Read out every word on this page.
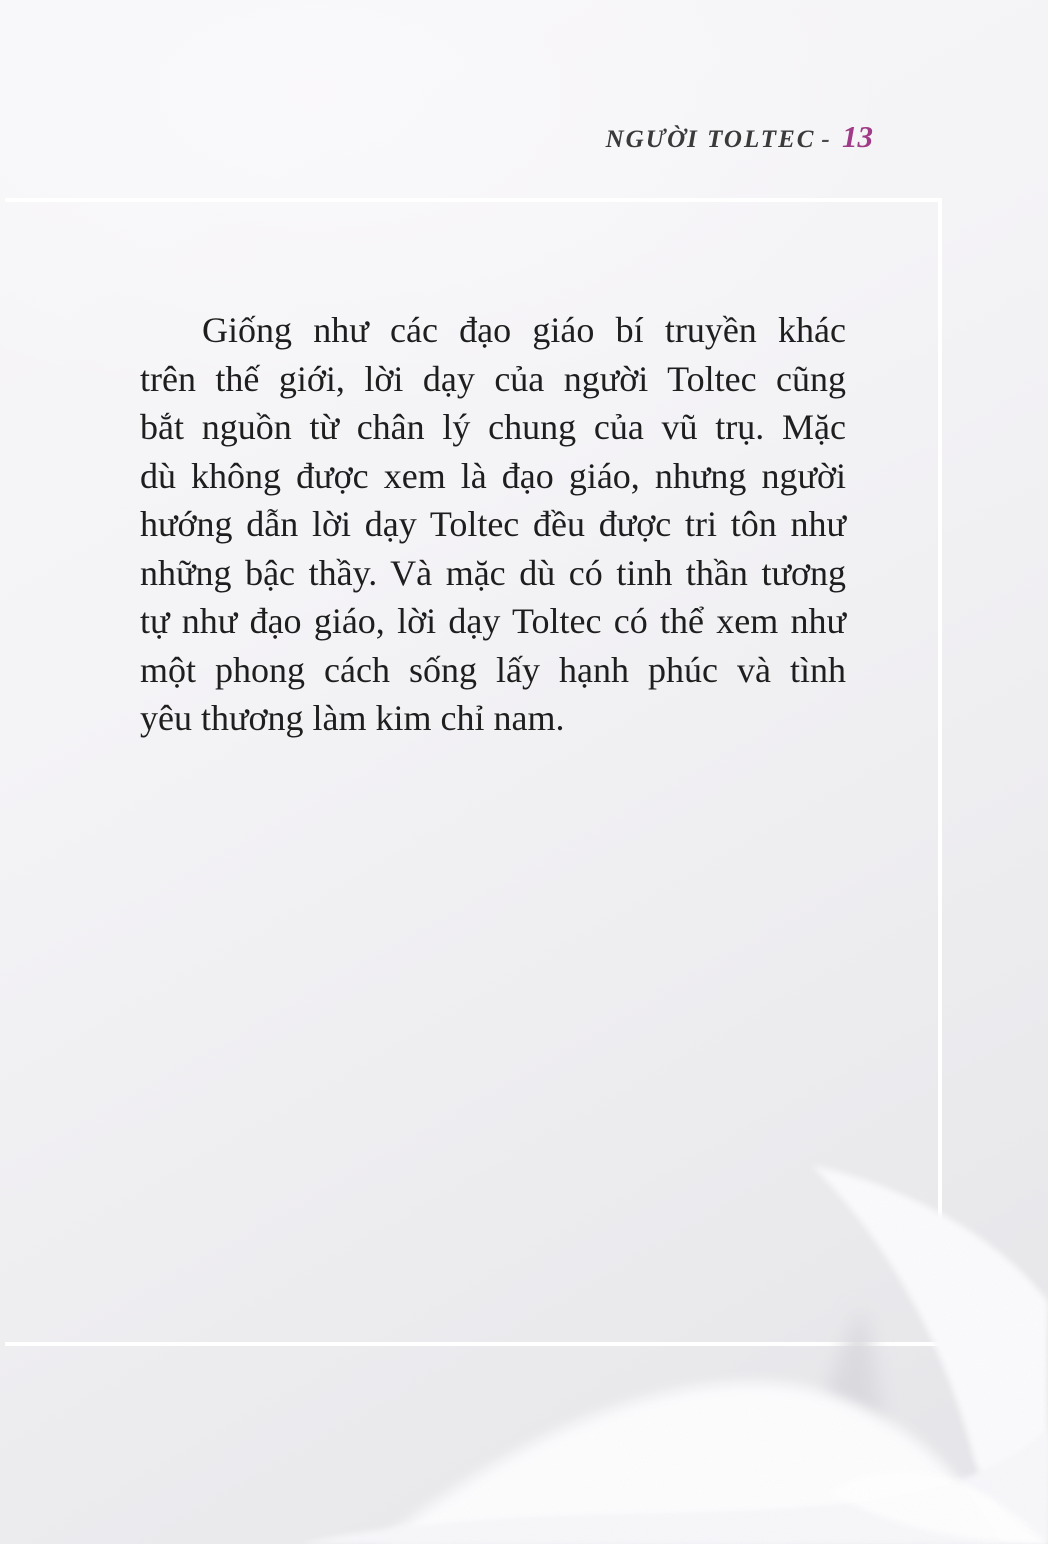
NGƯỜI TOLTEC - 13
Giống như các đạo giáo bí truyền khác
trên thế giới, lời dạy của người Toltec cũng
bắt nguồn từ chân lý chung của vũ trụ. Mặc
dù không được xem là đạo giáo, nhưng người
hướng dẫn lời dạy Toltec đều được tri tôn như
những bậc thầy. Và mặc dù có tinh thần tương
tự như đạo giáo, lời dạy Toltec có thể xem như
một phong cách sống lấy hạnh phúc và tình
yêu thương làm kim chỉ nam.
